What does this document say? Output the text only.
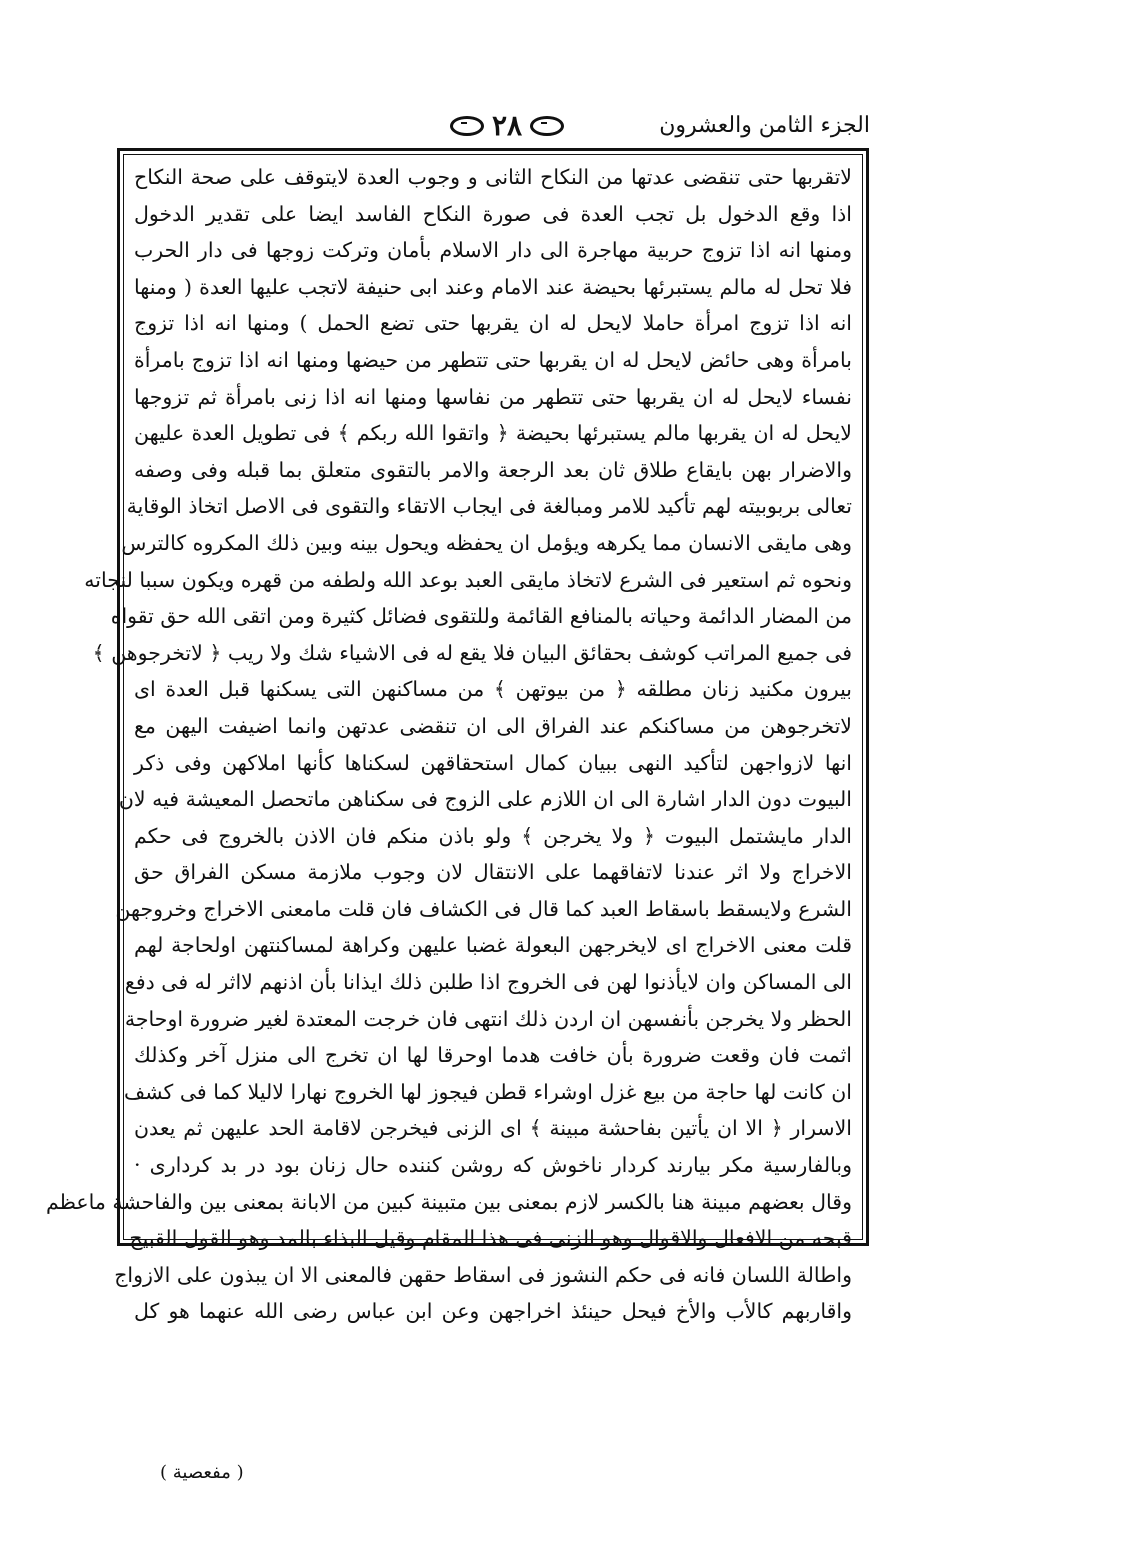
٢٨	الجزء الثامن والعشرون
لاتقربها حتى تنقضى عدتها من النكاح الثانى و وجوب العدة لايتوقف على صحة النكاح
اذا وقع الدخول بل تجب العدة فى صورة النكاح الفاسد ايضا على تقدير الدخول
ومنها انه اذا تزوج حربية مهاجرة الى دار الاسلام بأمان وتركت زوجها فى دار الحرب
فلا تحل له مالم يستبرئها بحيضة عند الامام وعند ابى حنيفة لاتجب عليها العدة ( ومنها
انه اذا تزوج امرأة حاملا لايحل له ان يقربها حتى تضع الحمل ) ومنها انه اذا تزوج
بامرأة وهى حائض لايحل له ان يقربها حتى تتطهر من حيضها ومنها انه اذا تزوج بامرأة
نفساء لايحل له ان يقربها حتى تتطهر من نفاسها ومنها انه اذا زنى بامرأة ثم تزوجها
لايحل له ان يقربها مالم يستبرئها بحيضة ﴿ واتقوا الله ربكم ﴾ فى تطويل العدة عليهن
والاضرار بهن بايقاع طلاق ثان بعد الرجعة والامر بالتقوى متعلق بما قبله وفى وصفه
تعالى بربوبيته لهم تأكيد للامر ومبالغة فى ايجاب الاتقاء والتقوى فى الاصل اتخاذ الوقاية
وهى مايقى الانسان مما يكرهه ويؤمل ان يحفظه ويحول بينه وبين ذلك المكروه كالترس
ونحوه ثم استعير فى الشرع لاتخاذ مايقى العبد بوعد الله ولطفه من قهره ويكون سببا لنجاته
من المضار الدائمة وحياته بالمنافع القائمة وللتقوى فضائل كثيرة ومن اتقى الله حق تقواه
فى جميع المراتب كوشف بحقائق البيان فلا يقع له فى الاشياء شك ولا ريب ﴿ لاتخرجوهن ﴾
بيرون مكنيد زنان مطلقه ﴿ من بيوتهن ﴾ من مساكنهن التى يسكنها قبل العدة اى
لاتخرجوهن من مساكنكم عند الفراق الى ان تنقضى عدتهن وانما اضيفت اليهن مع
انها لازواجهن لتأكيد النهى ببيان كمال استحقاقهن لسكناها كأنها املاكهن وفى ذكر
البيوت دون الدار اشارة الى ان اللازم على الزوج فى سكناهن ماتحصل المعيشة فيه لان
الدار مايشتمل البيوت ﴿ ولا يخرجن ﴾ ولو باذن منكم فان الاذن بالخروج فى حكم
الاخراج ولا اثر عندنا لاتفاقهما على الانتقال لان وجوب ملازمة مسكن الفراق حق
الشرع ولايسقط باسقاط العبد كما قال فى الكشاف فان قلت مامعنى الاخراج وخروجهن
قلت معنى الاخراج اى لايخرجهن البعولة غضبا عليهن وكراهة لمساكنتهن اولحاجة لهم
الى المساكن وان لايأذنوا لهن فى الخروج اذا طلبن ذلك ايذانا بأن اذنهم لااثر له فى دفع
الحظر ولا يخرجن بأنفسهن ان اردن ذلك انتهى فان خرجت المعتدة لغير ضرورة اوحاجة
اثمت فان وقعت ضرورة بأن خافت هدما اوحرقا لها ان تخرج الى منزل آخر وكذلك
ان كانت لها حاجة من بيع غزل اوشراء قطن فيجوز لها الخروج نهارا لاليلا كما فى كشف
الاسرار ﴿ الا ان يأتين بفاحشة مبينة ﴾ اى الزنى فيخرجن لاقامة الحد عليهن ثم يعدن
وبالفارسية مكر بيارند كردار ناخوش كه روشن كننده حال زنان بود در بد كردارى ·
وقال بعضهم مبينة هنا بالكسر لازم بمعنى بين متبينة كبين من الابانة بمعنى بين والفاحشة ماعظم
قبحه من الافعال والاقوال وهو الزنى فى هذا المقام وقيل البذاء بالمد وهو القول القبيح
واطالة اللسان فانه فى حكم النشوز فى اسقاط حقهن فالمعنى الا ان يبذون على الازواج
واقاربهم كالأب والأخ فيحل حينئذ اخراجهن وعن ابن عباس رضى الله عنهما هو كل
( مفعصية )
